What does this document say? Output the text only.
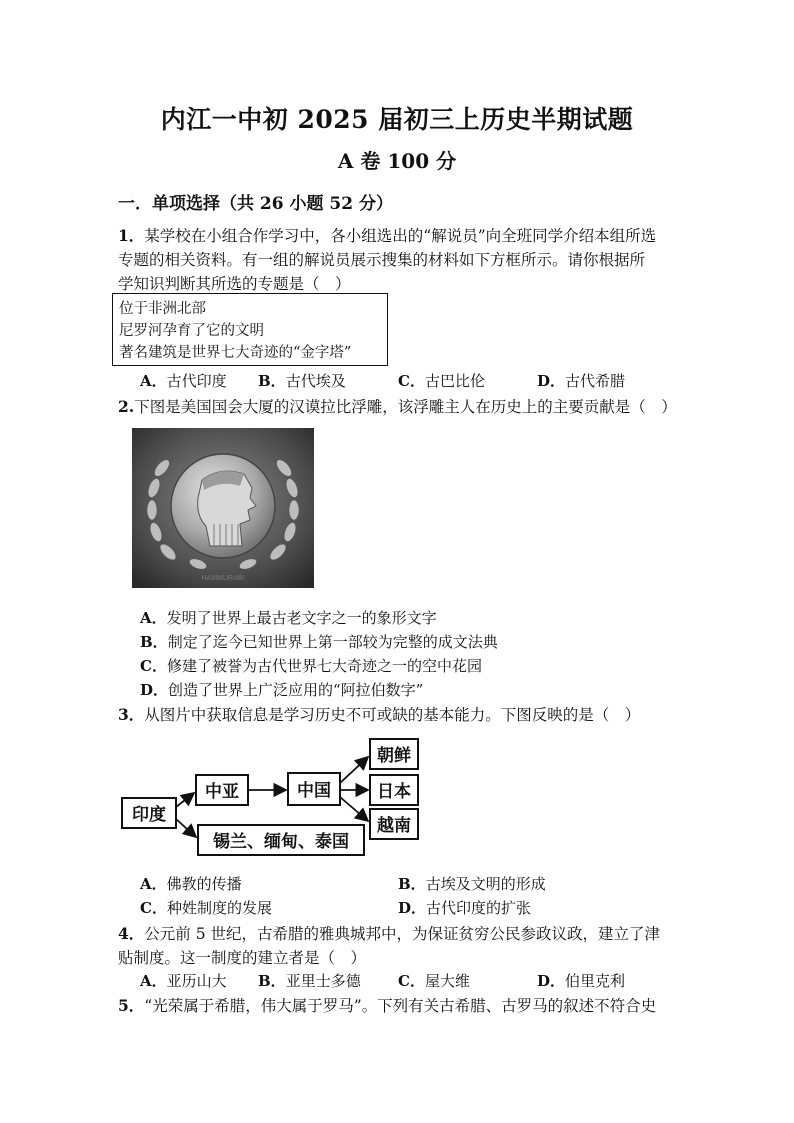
内江一中初 2025 届初三上历史半期试题
A 卷 100 分
一．单项选择（共 26 小题 52 分）
1．某学校在小组合作学习中，各小组选出的“解说员”向全班同学介绍本组所选
专题的相关资料。有一组的解说员展示搜集的材料如下方框所示。请你根据所
学知识判断其所选的专题是（　）
位于非洲北部
尼罗河孕育了它的文明
著名建筑是世界七大奇迹的“金字塔”
A．古代印度 B．古代埃及	C．古巴比伦	D．古代希腊
2.下图是美国国会大厦的汉谟拉比浮雕，该浮雕主人在历史上的主要贡献是（　）
HAMMURABI
A．发明了世界上最古老文字之一的象形文字
B．制定了迄今已知世界上第一部较为完整的成文法典
C．修建了被誉为古代世界七大奇迹之一的空中花园
D．创造了世界上广泛应用的“阿拉伯数字”
3．从图片中获取信息是学习历史不可或缺的基本能力。下图反映的是（　）
印度
中亚	中国
朝鲜
日本
越南
锡兰、缅甸、泰国
A．佛教的传播	B．古埃及文明的形成
C．种姓制度的发展	D．古代印度的扩张
4．公元前 5 世纪，古希腊的雅典城邦中，为保证贫穷公民参政议政，建立了津
贴制度。这一制度的建立者是（　）
A．亚历山大 B．亚里士多德 C．屋大维	D．伯里克利
5．“光荣属于希腊，伟大属于罗马”。下列有关古希腊、古罗马的叙述不符合史
